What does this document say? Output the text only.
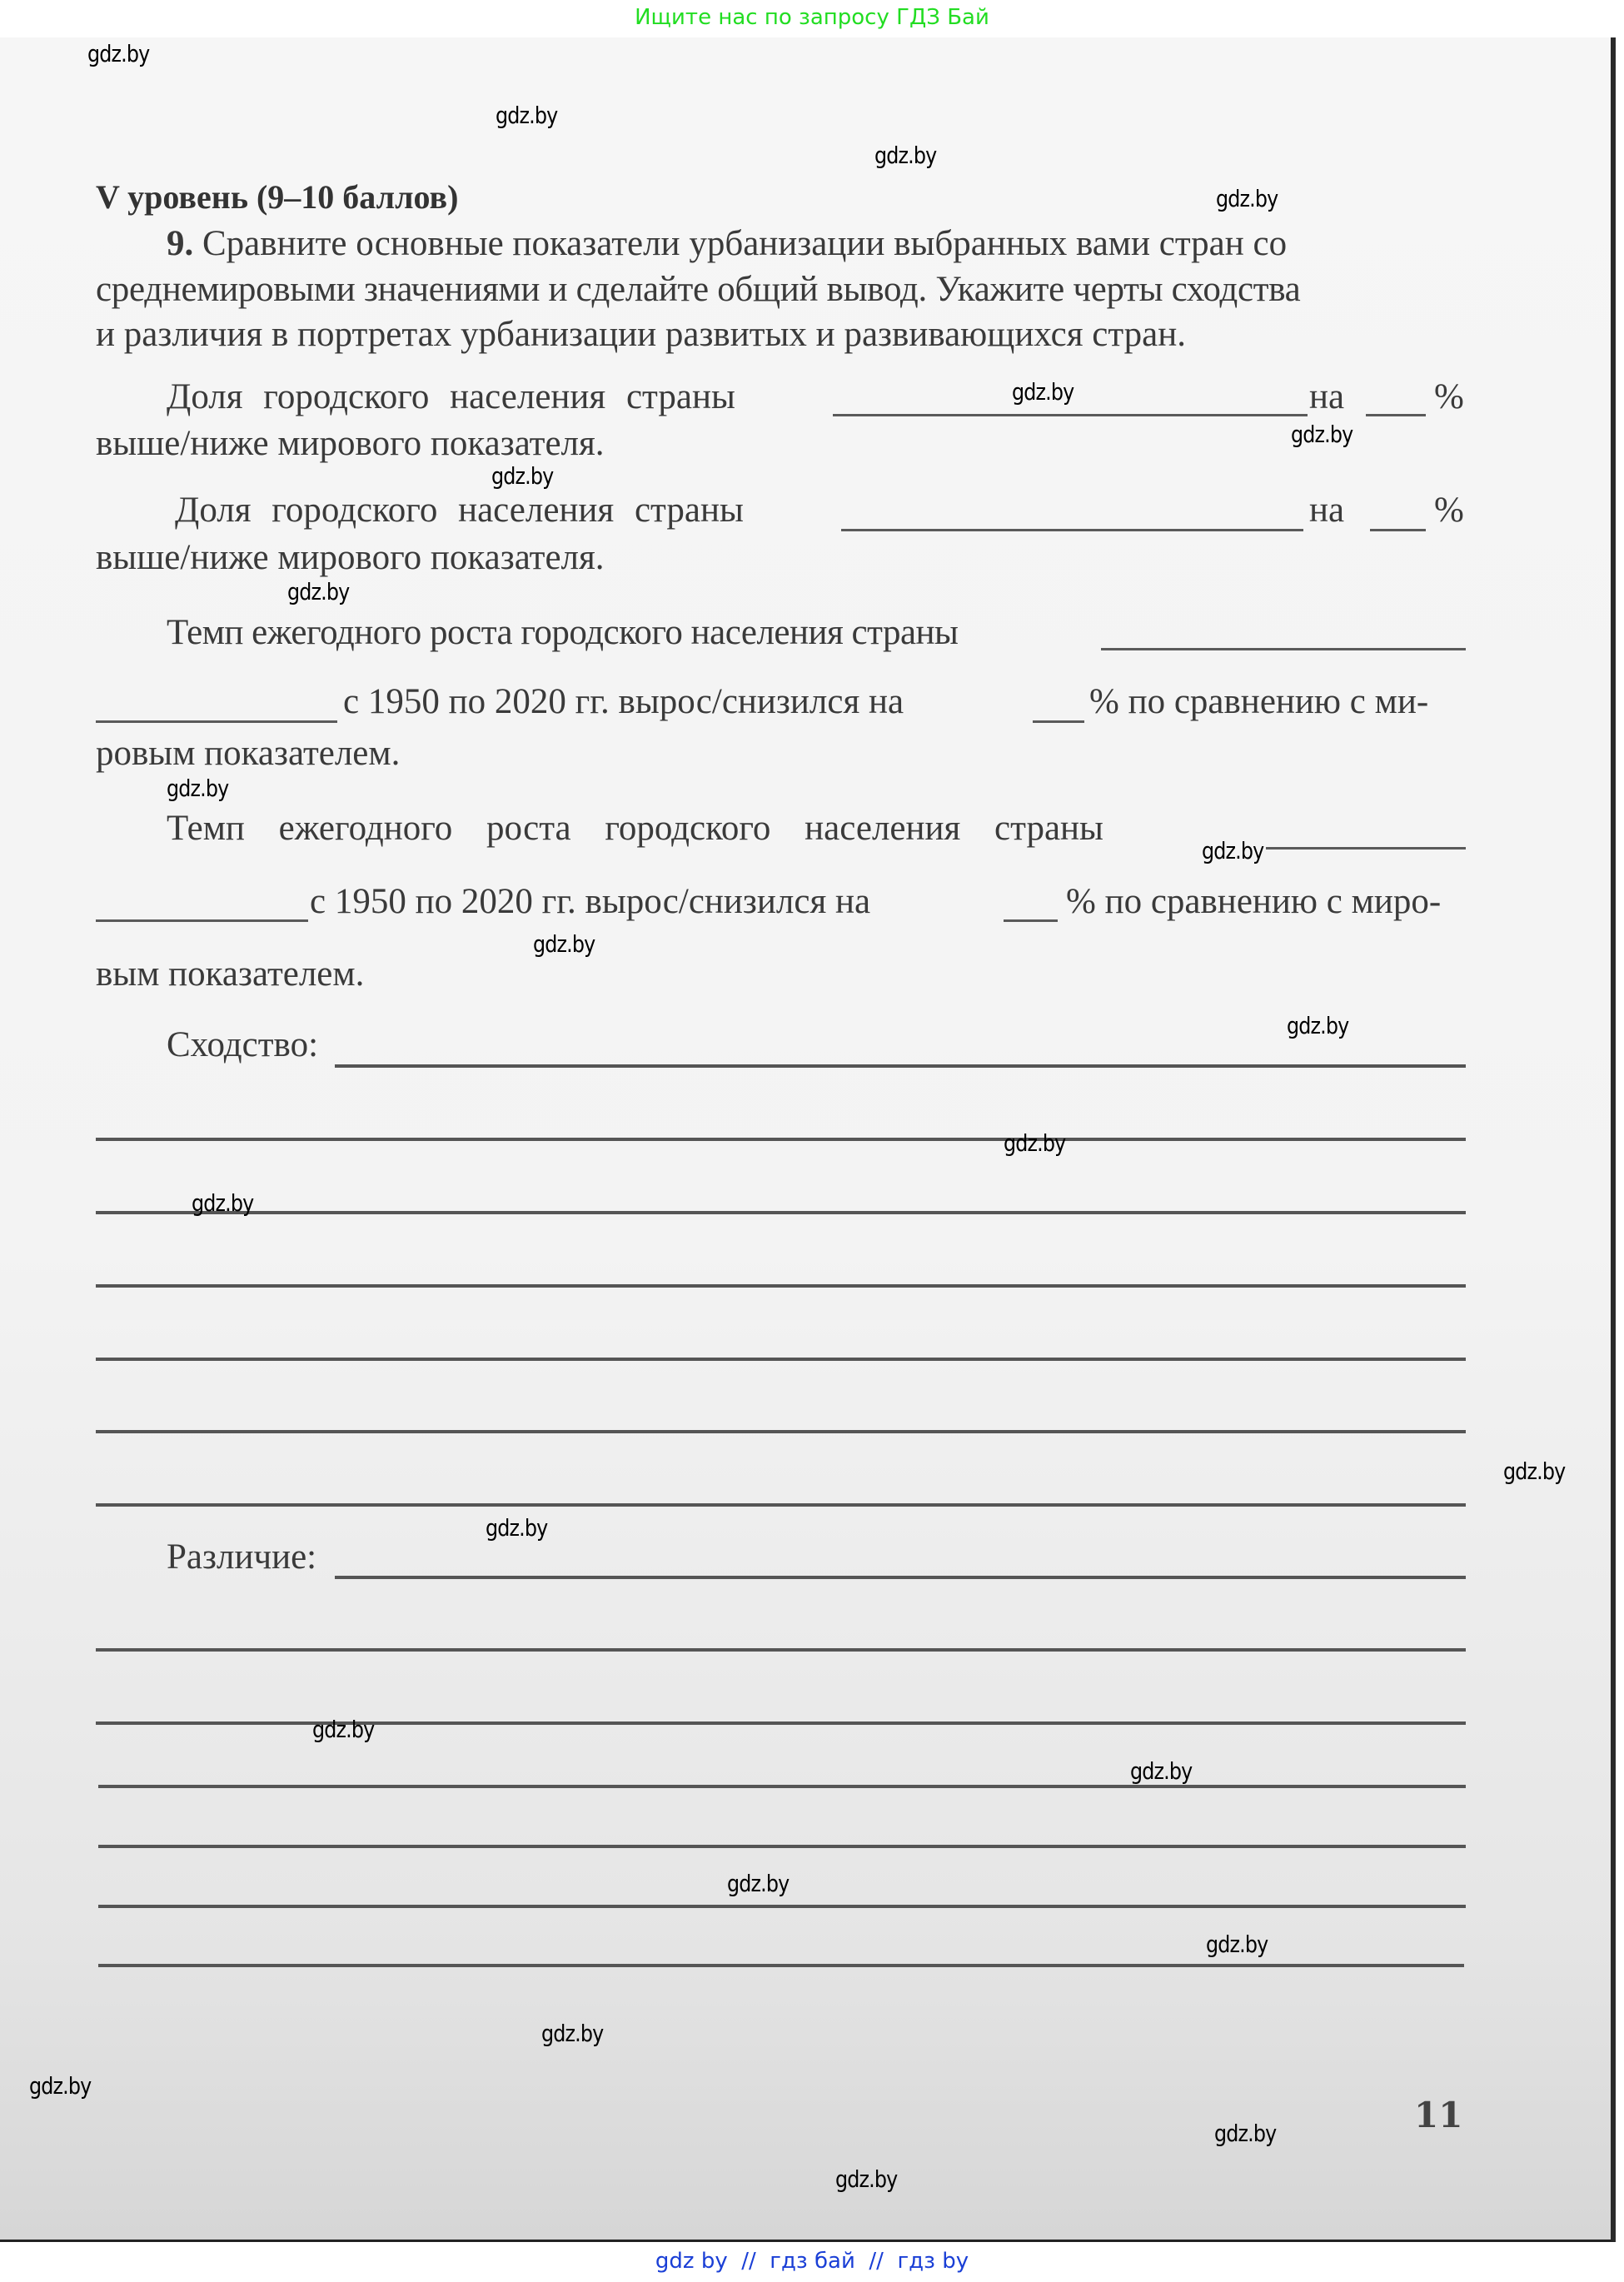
Ищите нас по запросу ГДЗ Бай
V уровень (9–10 баллов)
9. Сравните основные показатели урбанизации выбранных вами стран со
среднемировыми значениями и сделайте общий вывод. Укажите черты сходства
и различия в портретах урбанизации развитых и развивающихся стран.
Доля городского населения страны	на	%
выше/ниже мирового показателя.
Доля городского населения страны	на	%
выше/ниже мирового показателя.
Темп ежегодного роста городского населения страны
с 1950 по 2020 гг. вырос/снизился на	% по сравнению с ми-
ровым показателем.
Темп ежегодного роста городского населения страны
с 1950 по 2020 гг. вырос/снизился на	% по сравнению с миро-
вым показателем.
Сходство:
Различие:
11
gdz.by
gdz.by
gdz.by
gdz.by
gdz.by
gdz.by
gdz.by
gdz.by
gdz.by
gdz.by
gdz.by
gdz.by
gdz.by
gdz.by
gdz.by
gdz.by
gdz.by
gdz.by
gdz.by
gdz.by
gdz.by
gdz.by
gdz.by
gdz.by
gdz by  //  гдз бай  //  гдз by
